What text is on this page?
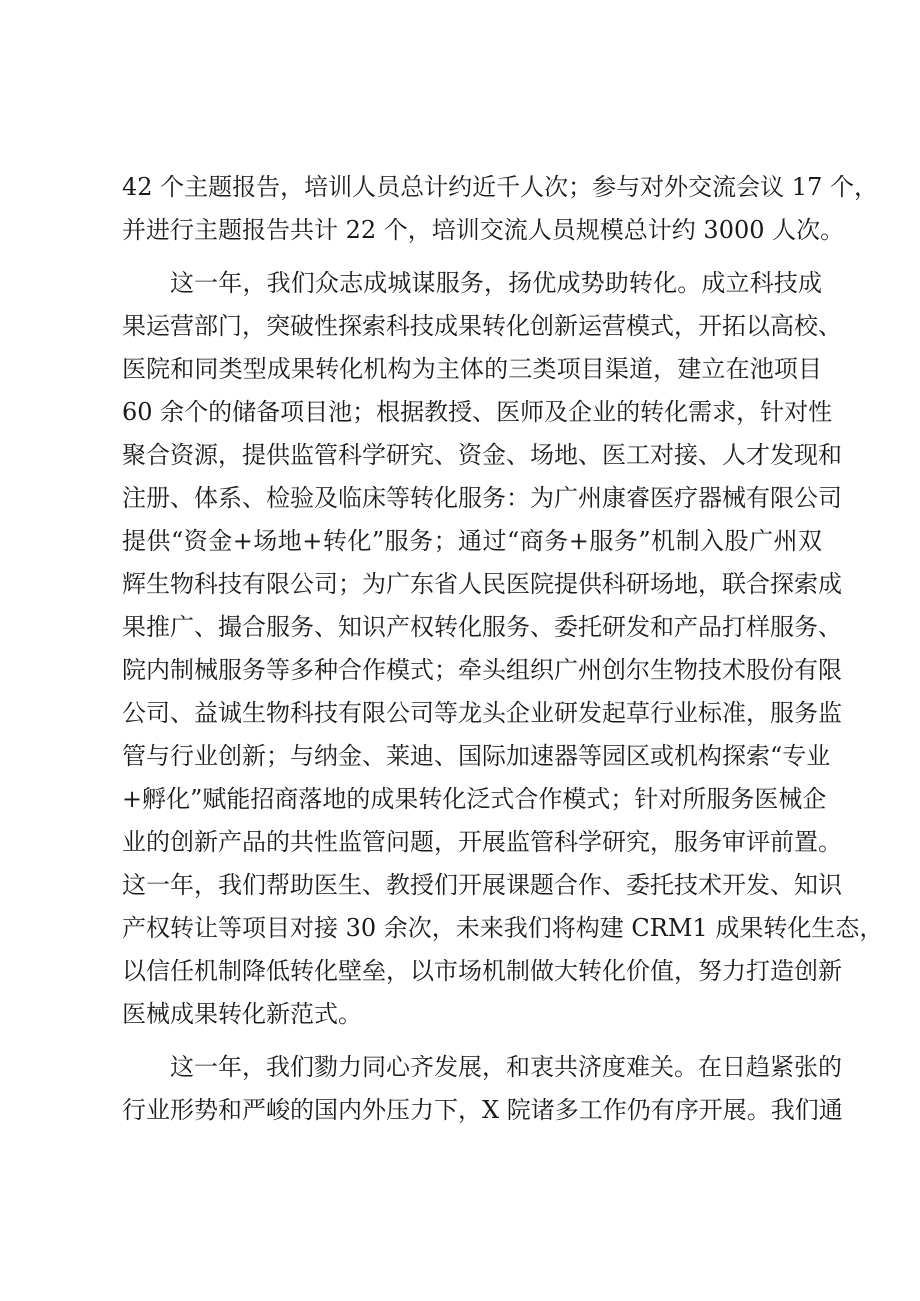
42 个主题报告，培训人员总计约近千人次；参与对外交流会议 17 个，
并进行主题报告共计 22 个，培训交流人员规模总计约 3000 人次。
这一年，我们众志成城谋服务，扬优成势助转化。成立科技成
果运营部门，突破性探索科技成果转化创新运营模式，开拓以高校、
医院和同类型成果转化机构为主体的三类项目渠道，建立在池项目
60 余个的储备项目池；根据教授、医师及企业的转化需求，针对性
聚合资源，提供监管科学研究、资金、场地、医工对接、人才发现和
注册、体系、检验及临床等转化服务：为广州康睿医疗器械有限公司
提供“资金+场地+转化”服务；通过“商务+服务”机制入股广州双
辉生物科技有限公司；为广东省人民医院提供科研场地，联合探索成
果推广、撮合服务、知识产权转化服务、委托研发和产品打样服务、
院内制械服务等多种合作模式；牵头组织广州创尔生物技术股份有限
公司、益诚生物科技有限公司等龙头企业研发起草行业标准，服务监
管与行业创新；与纳金、莱迪、国际加速器等园区或机构探索“专业
+孵化”赋能招商落地的成果转化泛式合作模式；针对所服务医械企
业的创新产品的共性监管问题，开展监管科学研究，服务审评前置。
这一年，我们帮助医生、教授们开展课题合作、委托技术开发、知识
产权转让等项目对接 30 余次，未来我们将构建 CRM1 成果转化生态，
以信任机制降低转化壁垒，以市场机制做大转化价值，努力打造创新
医械成果转化新范式。
这一年，我们勠力同心齐发展，和衷共济度难关。在日趋紧张的
行业形势和严峻的国内外压力下，X 院诸多工作仍有序开展。我们通
